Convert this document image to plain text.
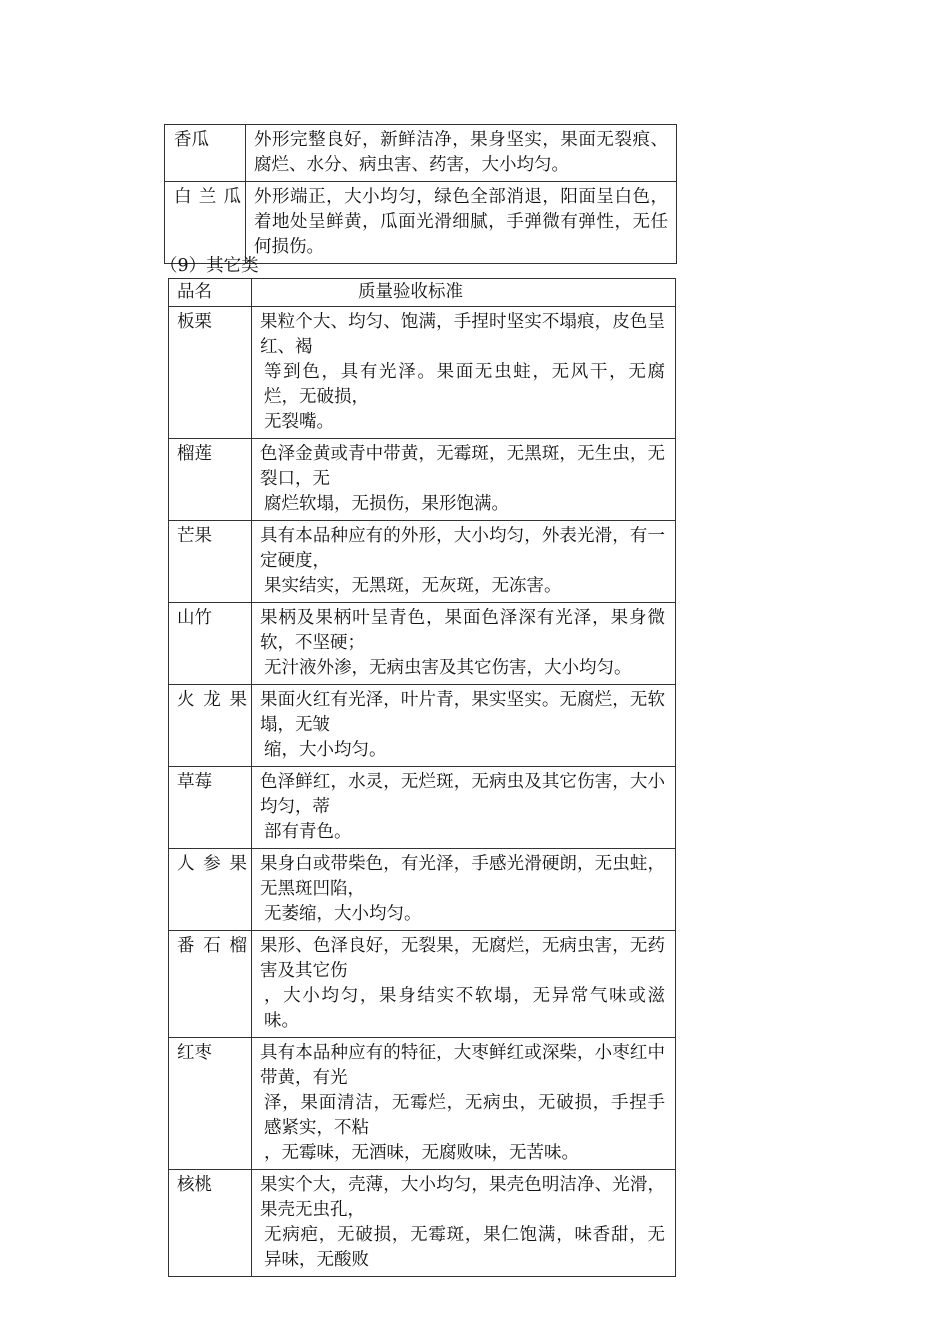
香瓜	外形完整良好，新鲜洁净，果身坚实，果面无裂痕、腐烂、水分、病虫害、药害，大小均匀。

白兰瓜	外形端正，大小均匀，绿色全部消退，阳面呈白色，着地处呈鲜黄，瓜面光滑细腻，手弹微有弹性，无任何损伤。
（9）其它类
品名	质量验收标准
板栗	果粒个大、均匀、饱满，手捏时坚实不塌痕，皮色呈红、褐
等到色，具有光泽。果面无虫蛀，无风干，无腐烂，无破损，
无裂嘴。

榴莲	色泽金黄或青中带黄，无霉斑，无黑斑，无生虫，无裂口，无
腐烂软塌，无损伤，果形饱满。

芒果	具有本品种应有的外形，大小均匀，外表光滑，有一定硬度，
果实结实，无黑斑，无灰斑，无冻害。

山竹	果柄及果柄叶呈青色，果面色泽深有光泽，果身微软，不坚硬；
无汁液外渗，无病虫害及其它伤害，大小均匀。

火龙果	果面火红有光泽，叶片青，果实坚实。无腐烂，无软塌，无皱
缩，大小均匀。

草莓	色泽鲜红，水灵，无烂斑，无病虫及其它伤害，大小均匀，蒂
部有青色。

人参果	果身白或带柴色，有光泽，手感光滑硬朗，无虫蛀，无黑斑凹陷，
无萎缩，大小均匀。

番石榴	果形、色泽良好，无裂果，无腐烂，无病虫害，无药害及其它伤
，大小均匀，果身结实不软塌，无异常气味或滋味。

红枣	具有本品种应有的特征，大枣鲜红或深柴，小枣红中带黄，有光
泽，果面清洁，无霉烂，无病虫，无破损，手捏手感紧实，不粘
，无霉味，无酒味，无腐败味，无苦味。

核桃	果实个大，壳薄，大小均匀，果壳色明洁净、光滑，果壳无虫孔，
无病疤，无破损，无霉斑，果仁饱满，味香甜，无异味，无酸败
